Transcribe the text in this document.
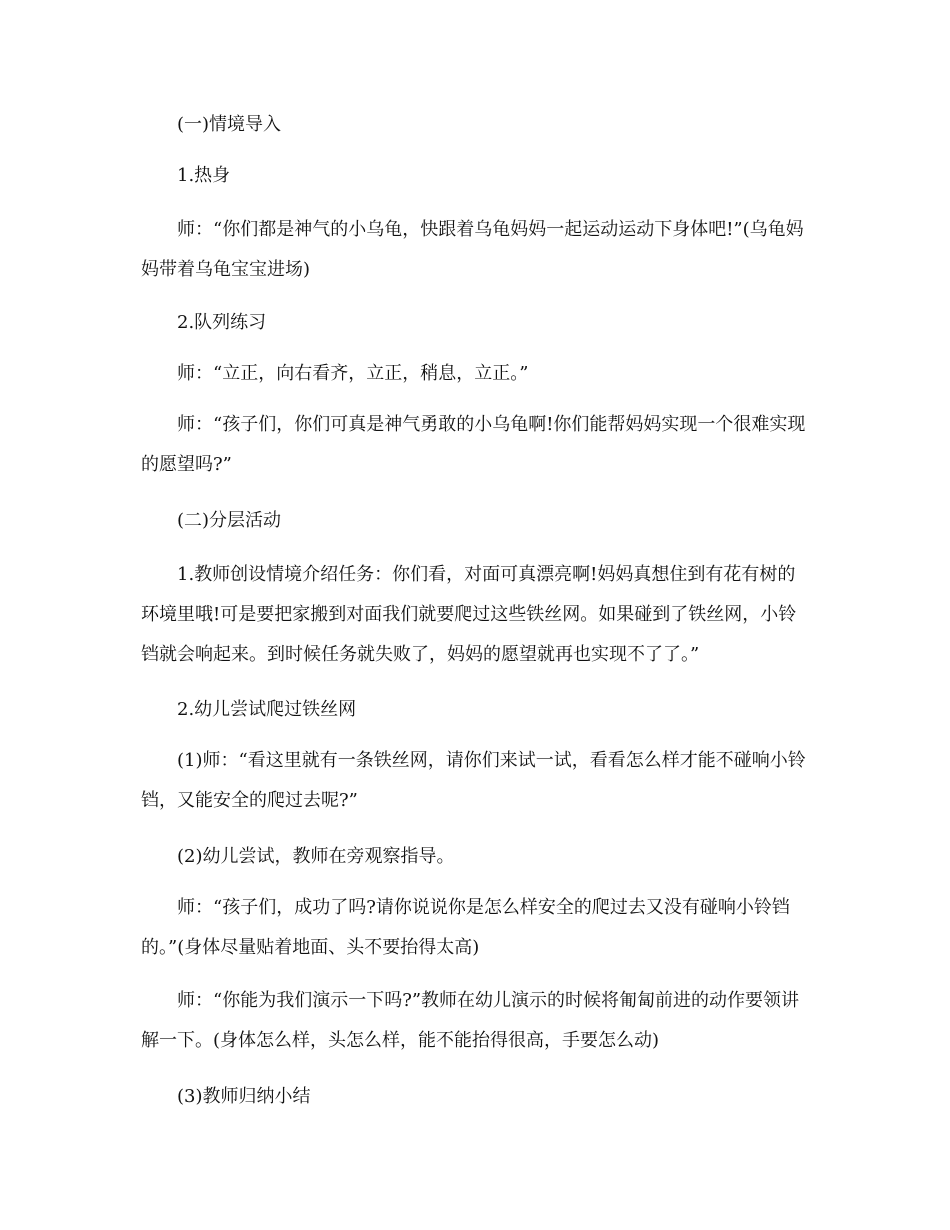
(一)情境导入

1.热身

师：“你们都是神气的小乌龟，快跟着乌龟妈妈一起运动运动下身体吧!”(乌龟妈妈带着乌龟宝宝进场)

2.队列练习

师：“立正，向右看齐，立正，稍息，立正。”

师：“孩子们，你们可真是神气勇敢的小乌龟啊!你们能帮妈妈实现一个很难实现的愿望吗?”

(二)分层活动

1.教师创设情境介绍任务：你们看，对面可真漂亮啊!妈妈真想住到有花有树的环境里哦!可是要把家搬到对面我们就要爬过这些铁丝网。如果碰到了铁丝网，小铃铛就会响起来。到时候任务就失败了，妈妈的愿望就再也实现不了了。”

2.幼儿尝试爬过铁丝网

(1)师：“看这里就有一条铁丝网，请你们来试一试，看看怎么样才能不碰响小铃铛，又能安全的爬过去呢?”

(2)幼儿尝试，教师在旁观察指导。

师：“孩子们，成功了吗?请你说说你是怎么样安全的爬过去又没有碰响小铃铛的。”(身体尽量贴着地面、头不要抬得太高)

师：“你能为我们演示一下吗?”教师在幼儿演示的时候将匍匐前进的动作要领讲解一下。(身体怎么样，头怎么样，能不能抬得很高，手要怎么动)

(3)教师归纳小结
